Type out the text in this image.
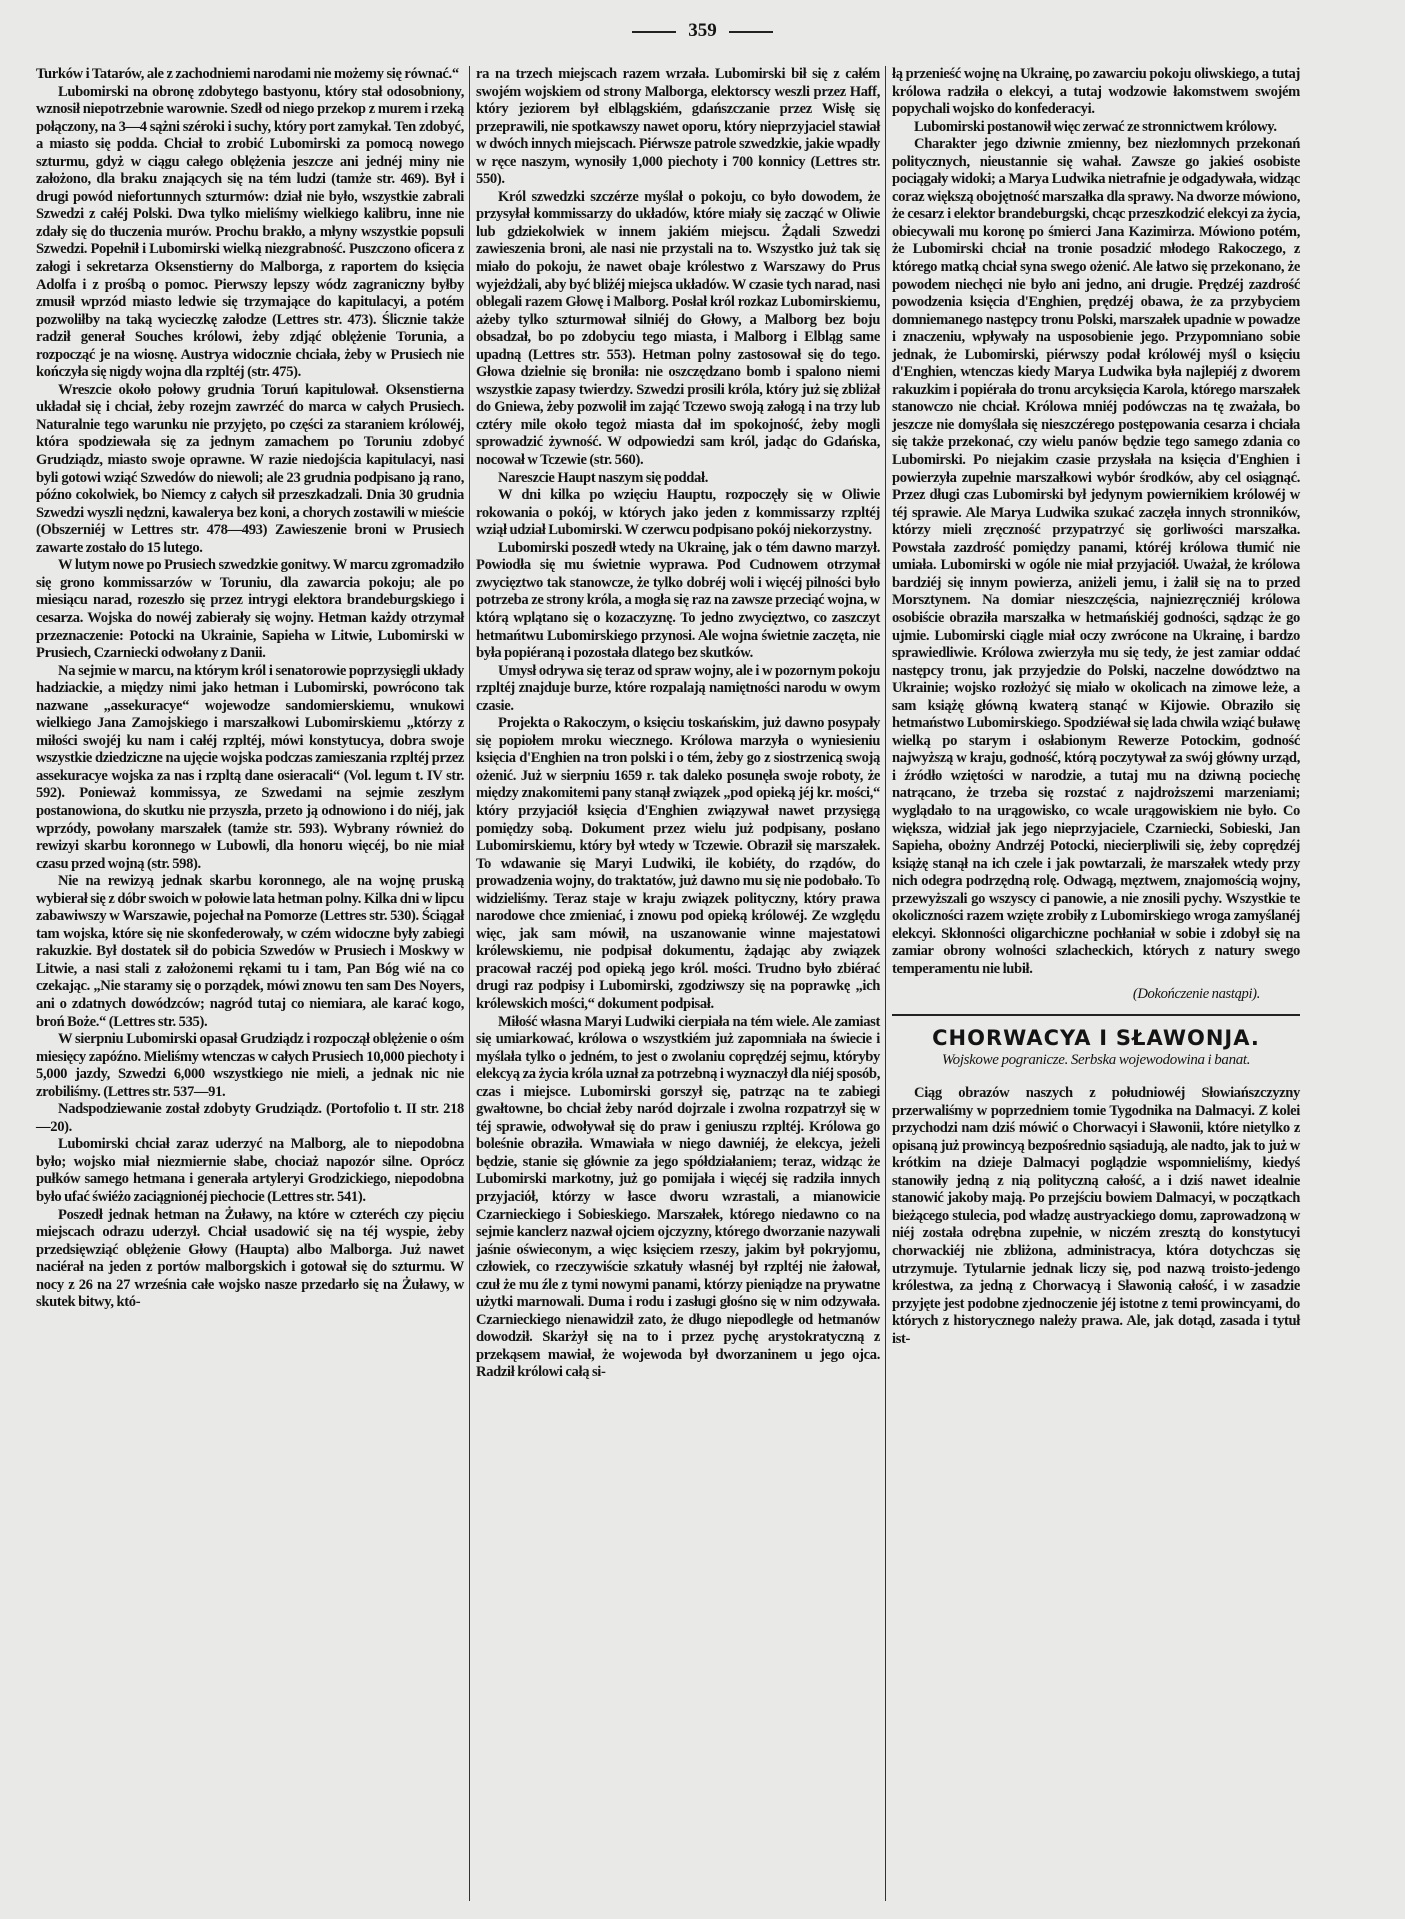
359

Turków i Tatarów, ale z zachodniemi narodami nie możemy się równać.“

Lubomirski na obronę zdobytego bastyonu, który stał odosobniony, wznosił niepotrzebnie warownie. Szedł od niego przekop z murem i rzeką połączony, na 3—4 sążni széroki i suchy, który port zamykał. Ten zdobyć, a miasto się podda. Chciał to zrobić Lubomirski za pomocą nowego szturmu, gdyż w ciągu całego oblężenia jeszcze ani jednéj miny nie założono, dla braku znających się na tém ludzi (tamże str. 469). Był i drugi powód niefortunnych szturmów: dział nie było, wszystkie zabrali Szwedzi z całéj Polski. Dwa tylko mieliśmy wielkiego kalibru, inne nie zdały się do tłuczenia murów. Prochu brakło, a młyny wszystkie popsuli Szwedzi. Popełnił i Lubomirski wielką niezgrabność. Puszczono oficera z załogi i sekretarza Oksenstierny do Malborga, z raportem do księcia Adolfa i z prośbą o pomoc. Pierwszy lepszy wódz zagraniczny byłby zmusił wprzód miasto ledwie się trzymające do kapitulacyi, a potém pozwoliłby na taką wycieczkę załodze (Lettres str. 473). Ślicznie także radził generał Souches królowi, żeby zdjąć oblężenie Torunia, a rozpocząć je na wiosnę. Austrya widocznie chciała, żeby w Prusiech nie kończyła się nigdy wojna dla rzpltéj (str. 475).

Wreszcie około połowy grudnia Toruń kapitulował. Oksenstierna układał się i chciał, żeby rozejm zawrzéć do marca w całych Prusiech. Naturalnie tego warunku nie przyjęto, po części za staraniem królowéj, która spodziewała się za jednym zamachem po Toruniu zdobyć Grudziądz, miasto swoje oprawne. W razie niedojścia kapitulacyi, nasi byli gotowi wziąć Szwedów do niewoli; ale 23 grudnia podpisano ją rano, późno cokolwiek, bo Niemcy z całych sił przeszkadzali. Dnia 30 grudnia Szwedzi wyszli nędzni, kawalerya bez koni, a chorych zostawili w mieście (Obszerniéj w Lettres str. 478—493) Zawieszenie broni w Prusiech zawarte zostało do 15 lutego.

W lutym nowe po Prusiech szwedzkie gonitwy. W marcu zgromadziło się grono kommissarzów w Toruniu, dla zawarcia pokoju; ale po miesiącu narad, rozeszło się przez intrygi elektora brandeburgskiego i cesarza. Wojska do nowéj zabierały się wojny. Hetman każdy otrzymał przeznaczenie: Potocki na Ukrainie, Sapieha w Litwie, Lubomirski w Prusiech, Czarniecki odwołany z Danii.

Na sejmie w marcu, na którym król i senatorowie poprzysięgli układy hadziackie, a między nimi jako hetman i Lubomirski, powrócono tak nazwane „assekuracye“ wojewodze sandomierskiemu, wnukowi wielkiego Jana Zamojskiego i marszałkowi Lubomirskiemu „którzy z miłości swojéj ku nam i całéj rzpltéj, mówi konstytucya, dobra swoje wszystkie dziedziczne na ujęcie wojska podczas zamieszania rzpltéj przez assekuracye wojska za nas i rzpltą dane osieracali“ (Vol. legum t. IV str. 592). Ponieważ kommissya, ze Szwedami na sejmie zeszłym postanowiona, do skutku nie przyszła, przeto ją odnowiono i do niéj, jak wprzódy, powołany marszałek (tamże str. 593). Wybrany również do rewizyi skarbu koronnego w Lubowli, dla honoru więcéj, bo nie miał czasu przed wojną (str. 598).

Nie na rewizyą jednak skarbu koronnego, ale na wojnę pruską wybierał się z dóbr swoich w połowie lata hetman polny. Kilka dni w lipcu zabawiwszy w Warszawie, pojechał na Pomorze (Lettres str. 530). Ściągał tam wojska, które się nie skonfederowały, w czém widoczne były zabiegi rakuzkie. Był dostatek sił do pobicia Szwedów w Prusiech i Moskwy w Litwie, a nasi stali z założonemi rękami tu i tam, Pan Bóg wié na co czekając. „Nie staramy się o porządek, mówi znowu ten sam Des Noyers, ani o zdatnych dowódzców; nagród tutaj co niemiara, ale karać kogo, broń Boże.“ (Lettres str. 535).

W sierpniu Lubomirski opasał Grudziądz i rozpoczął oblężenie o ośm miesięcy zapóźno. Mieliśmy wtenczas w całych Prusiech 10,000 piechoty i 5,000 jazdy, Szwedzi 6,000 wszystkiego nie mieli, a jednak nic nie zrobiliśmy. (Lettres str. 537—91.

Nadspodziewanie został zdobyty Grudziądz. (Portofolio t. II str. 218—20).

Lubomirski chciał zaraz uderzyć na Malborg, ale to niepodobna było; wojsko miał niezmiernie słabe, chociaż napozór silne. Oprócz pułków samego hetmana i generała artyleryi Grodzickiego, niepodobna było ufać świéżo zaciągnionéj piechocie (Lettres str. 541).

Poszedł jednak hetman na Żuławy, na które w czteréch czy pięciu miejscach odrazu uderzył. Chciał usadowić się na téj wyspie, żeby przedsięwziąć oblężenie Głowy (Haupta) albo Malborga. Już nawet naciérał na jeden z portów malborgskich i gotował się do szturmu. W nocy z 26 na 27 września całe wojsko nasze przedarło się na Żuławy, w skutek bitwy, któ-

ra na trzech miejscach razem wrzała. Lubomirski bił się z całém swojém wojskiem od strony Malborga, elektorscy weszli przez Haff, który jeziorem był elblągskiém, gdańszczanie przez Wisłę się przeprawili, nie spotkawszy nawet oporu, który nieprzyjaciel stawiał w dwóch innych miejscach. Piérwsze patrole szwedzkie, jakie wpadły w ręce naszym, wynosiły 1,000 piechoty i 700 konnicy (Lettres str. 550).

Król szwedzki szczérze myślał o pokoju, co było dowodem, że przysyłał kommissarzy do układów, które miały się zacząć w Oliwie lub gdziekolwiek w innem jakiém miejscu. Żądali Szwedzi zawieszenia broni, ale nasi nie przystali na to. Wszystko już tak się miało do pokoju, że nawet obaje królestwo z Warszawy do Prus wyjeżdżali, aby być bliżéj miejsca układów. W czasie tych narad, nasi oblegali razem Głowę i Malborg. Posłał król rozkaz Lubomirskiemu, ażeby tylko szturmował silniéj do Głowy, a Malborg bez boju obsadzał, bo po zdobyciu tego miasta, i Malborg i Elbląg same upadną (Lettres str. 553). Hetman polny zastosował się do tego. Głowa dzielnie się broniła: nie oszczędzano bomb i spalono niemi wszystkie zapasy twierdzy. Szwedzi prosili króla, który już się zbliżał do Gniewa, żeby pozwolił im zająć Tczewo swoją załogą i na trzy lub cztéry mile około tegoż miasta dał im spokojność, żeby mogli sprowadzić żywność. W odpowiedzi sam król, jadąc do Gdańska, nocował w Tczewie (str. 560).

Nareszcie Haupt naszym się poddał.

W dni kilka po wzięciu Hauptu, rozpoczęły się w Oliwie rokowania o pokój, w których jako jeden z kommissarzy rzpltéj wziął udział Lubomirski. W czerwcu podpisano pokój niekorzystny.

Lubomirski poszedł wtedy na Ukrainę, jak o tém dawno marzył. Powiodła się mu świetnie wyprawa. Pod Cudnowem otrzymał zwycięztwo tak stanowcze, że tylko dobréj woli i więcéj pilności było potrzeba ze strony króla, a mogła się raz na zawsze przeciąć wojna, w którą wplątano się o kozaczyznę. To jedno zwycięztwo, co zaszczyt hetmańtwu Lubomirskiego przynosi. Ale wojna świetnie zaczęta, nie była popiéraną i pozostała dlatego bez skutków.

Umysł odrywa się teraz od spraw wojny, ale i w pozornym pokoju rzpltéj znajduje burze, które rozpalają namiętności narodu w owym czasie.

Projekta o Rakoczym, o księciu toskańskim, już dawno posypały się popiołem mroku wiecznego. Królowa marzyła o wyniesieniu księcia d'Enghien na tron polski i o tém, żeby go z siostrzenicą swoją ożenić. Już w sierpniu 1659 r. tak daleko posunęła swoje roboty, że między znakomitemi pany stanął związek „pod opieką jéj kr. mości,“ który przyjaciół księcia d'Enghien związywał nawet przysięgą pomiędzy sobą. Dokument przez wielu już podpisany, posłano Lubomirskiemu, który był wtedy w Tczewie. Obraził się marszałek. To wdawanie się Maryi Ludwiki, ile kobiéty, do rządów, do prowadzenia wojny, do traktatów, już dawno mu się nie podobało. To widzieliśmy. Teraz staje w kraju związek polityczny, który prawa narodowe chce zmieniać, i znowu pod opieką królowéj. Ze względu więc, jak sam mówił, na uszanowanie winne majestatowi królewskiemu, nie podpisał dokumentu, żądając aby związek pracował raczéj pod opieką jego król. mości. Trudno było zbiérać drugi raz podpisy i Lubomirski, zgodziwszy się na poprawkę „ich królewskich mości,“ dokument podpisał.

Miłość własna Maryi Ludwiki cierpiała na tém wiele. Ale zamiast się umiarkować, królowa o wszystkiém już zapomniała na świecie i myślała tylko o jedném, to jest o zwolaniu coprędzéj sejmu, któryby elekcyą za życia króla uznał za potrzebną i wyznaczył dla niéj sposób, czas i miejsce. Lubomirski gorszył się, patrząc na te zabiegi gwałtowne, bo chciał żeby naród dojrzale i zwolna rozpatrzył się w téj sprawie, odwoływał się do praw i geniuszu rzpltéj. Królowa go boleśnie obraziła. Wmawiała w niego dawniéj, że elekcya, jeżeli będzie, stanie się głównie za jego spółdziałaniem; teraz, widząc że Lubomirski markotny, już go pomijała i więcéj się radziła innych przyjaciół, którzy w łasce dworu wzrastali, a mianowicie Czarnieckiego i Sobieskiego. Marszałek, którego niedawno co na sejmie kanclerz nazwał ojciem ojczyzny, którego dworzanie nazywali jaśnie oświeconym, a więc księciem rzeszy, jakim był pokryjomu, człowiek, co rzeczywiście szkatuły własnéj był rzpltéj nie żałował, czuł że mu źle z tymi nowymi panami, którzy pieniądze na prywatne użytki marnowali. Duma i rodu i zasługi głośno się w nim odzywała. Czarnieckiego nienawidził zato, że długo niepodległe od hetmanów dowodził. Skarżył się na to i przez pychę arystokratyczną z przekąsem mawiał, że wojewoda był dworzaninem u jego ojca. Radził królowi całą si-

łą przenieść wojnę na Ukrainę, po zawarciu pokoju oliwskiego, a tutaj królowa radziła o elekcyi, a tutaj wodzowie łakomstwem swojém popychali wojsko do konfederacyi.

Lubomirski postanowił więc zerwać ze stronnictwem królowy.

Charakter jego dziwnie zmienny, bez niezłomnych przekonań politycznych, nieustannie się wahał. Zawsze go jakieś osobiste pociągały widoki; a Marya Ludwika nietrafnie je odgadywała, widząc coraz większą obojętność marszałka dla sprawy. Na dworze mówiono, że cesarz i elektor brandeburgski, chcąc przeszkodzić elekcyi za życia, obiecywali mu koronę po śmierci Jana Kazimirza. Mówiono potém, że Lubomirski chciał na tronie posadzić młodego Rakoczego, z którego matką chciał syna swego ożenić. Ale łatwo się przekonano, że powodem niechęci nie było ani jedno, ani drugie. Prędzéj zazdrość powodzenia księcia d'Enghien, prędzéj obawa, że za przybyciem domniemanego następcy tronu Polski, marszałek upadnie w powadze i znaczeniu, wpływały na usposobienie jego. Przypomniano sobie jednak, że Lubomirski, piérwszy podał królowéj myśl o księciu d'Enghien, wtenczas kiedy Marya Ludwika była najlepiéj z dworem rakuzkim i popiérała do tronu arcyksięcia Karola, którego marszałek stanowczo nie chciał. Królowa mniéj podówczas na tę zważała, bo jeszcze nie domyślała się nieszczérego postępowania cesarza i chciała się także przekonać, czy wielu panów będzie tego samego zdania co Lubomirski. Po niejakim czasie przysłała na księcia d'Enghien i powierzyła zupełnie marszałkowi wybór środków, aby cel osiągnąć. Przez długi czas Lubomirski był jedynym powiernikiem królowéj w téj sprawie. Ale Marya Ludwika szukać zaczęła innych stronników, którzy mieli zręczność przypatrzyć się gorliwości marszałka. Powstała zazdrość pomiędzy panami, któréj królowa tłumić nie umiała. Lubomirski w ogóle nie miał przyjaciół. Uważał, że królowa bardziéj się innym powierza, aniżeli jemu, i żalił się na to przed Morsztynem. Na domiar nieszczęścia, najniezręczniéj królowa osobiście obraziła marszałka w hetmańskiéj godności, sądząc że go ujmie. Lubomirski ciągle miał oczy zwrócone na Ukrainę, i bardzo sprawiedliwie. Królowa zwierzyła mu się tedy, że jest zamiar oddać następcy tronu, jak przyjedzie do Polski, naczelne dowództwo na Ukrainie; wojsko rozłożyć się miało w okolicach na zimowe leże, a sam książę główną kwaterą stanąć w Kijowie. Obraziło się hetmaństwo Lubomirskiego. Spodziéwał się lada chwila wziąć buławę wielką po starym i osłabionym Rewerze Potockim, godność najwyższą w kraju, godność, którą poczytywał za swój główny urząd, i źródło wziętości w narodzie, a tutaj mu na dziwną pociechę natrącano, że trzeba się rozstać z najdroższemi marzeniami; wyglądało to na urągowisko, co wcale urągowiskiem nie było. Co większa, widział jak jego nieprzyjaciele, Czarniecki, Sobieski, Jan Sapieha, obożny Andrzéj Potocki, niecierpliwili się, żeby coprędzéj książę stanął na ich czele i jak powtarzali, że marszałek wtedy przy nich odegra podrzędną rolę. Odwagą, męztwem, znajomością wojny, przewyższali go wszyscy ci panowie, a nie znosili pychy. Wszystkie te okoliczności razem wzięte zrobiły z Lubomirskiego wroga zamyślanéj elekcyi. Skłonności oligarchiczne pochłaniał w sobie i zdobył się na zamiar obrony wolności szlacheckich, których z natury swego temperamentu nie lubił.

(Dokończenie nastąpi).
CHORWACYA I SŁAWONJA.
Wojskowe pogranicze. Serbska wojewodowina i banat.

Ciąg obrazów naszych z południowéj Słowiańszczyzny przerwaliśmy w poprzedniem tomie Tygodnika na Dalmacyi. Z kolei przychodzi nam dziś mówić o Chorwacyi i Sławonii, które nietylko z opisaną już prowincyą bezpośrednio sąsiadują, ale nadto, jak to już w krótkim na dzieje Dalmacyi poglądzie wspomnieliśmy, kiedyś stanowiły jedną z nią polityczną całość, a i dziś nawet idealnie stanowić jakoby mają. Po przejściu bowiem Dalmacyi, w początkach bieżącego stulecia, pod władzę austryackiego domu, zaprowadzoną w niéj została odrębna zupełnie, w niczém zresztą do konstytucyi chorwackiéj nie zbliżona, administracya, która dotychczas się utrzymuje. Tytularnie jednak liczy się, pod nazwą troisto-jedengo królestwa, za jedną z Chorwacyą i Sławonią całość, i w zasadzie przyjęte jest podobne zjednoczenie jéj istotne z temi prowincyami, do których z historycznego należy prawa. Ale, jak dotąd, zasada i tytuł ist-
